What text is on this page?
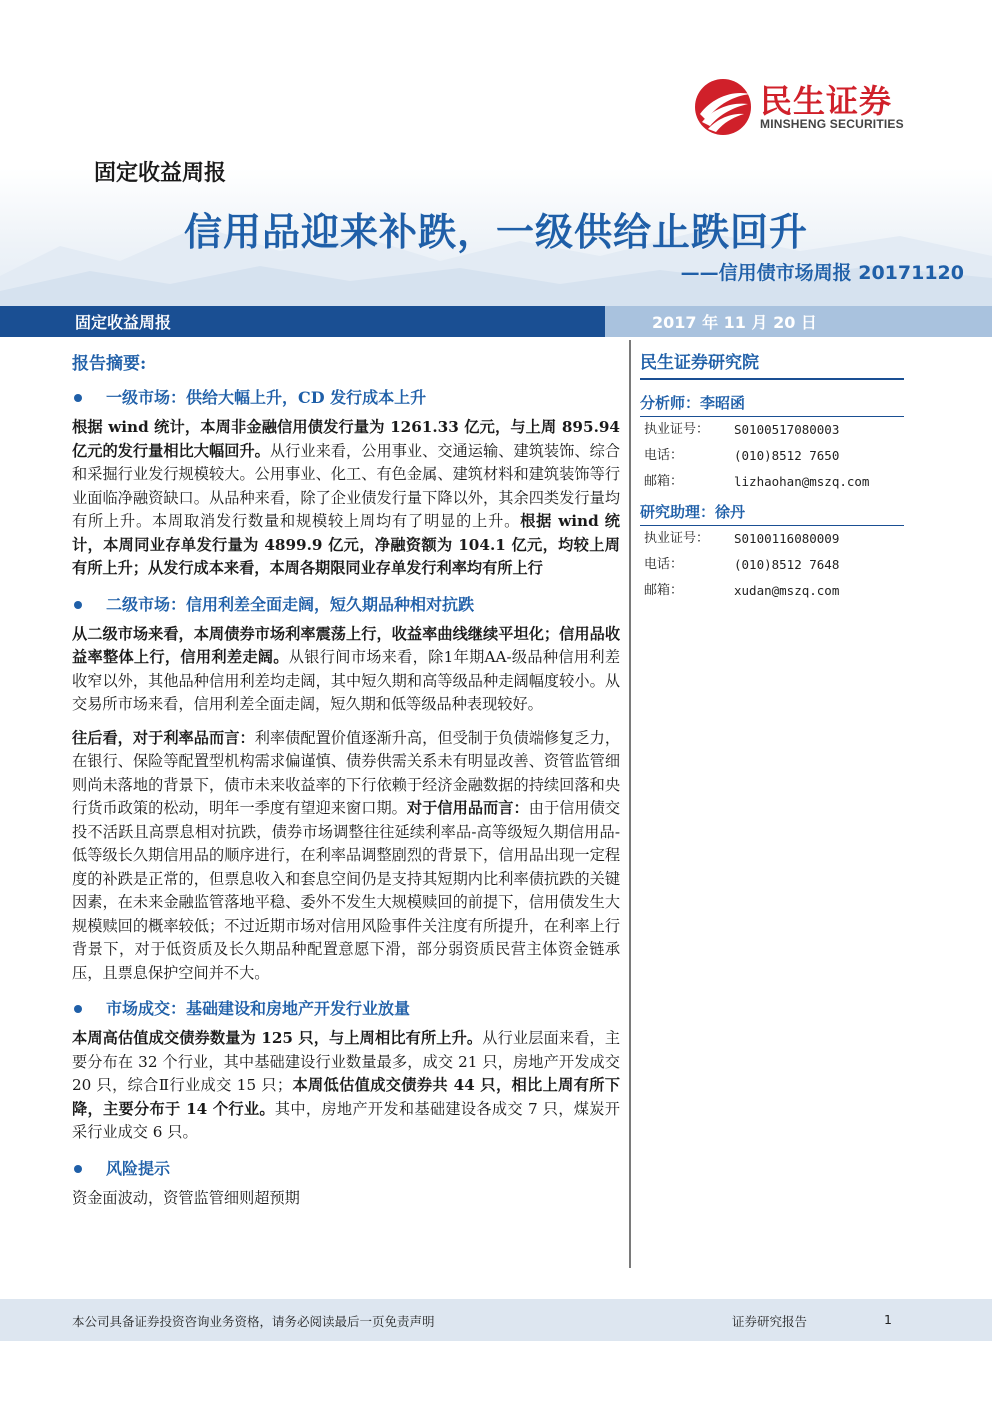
民生证券
MINSHENG SECURITIES
固定收益周报
信用品迎来补跌，一级供给止跌回升
——信用债市场周报 20171120
固定收益周报	2017 年 11 月 20 日
报告摘要:
一级市场：供给大幅上升，CD 发行成本上升
根据 wind 统计，本周非金融信用债发行量为 1261.33 亿元，与上周 895.94 亿元的发行量相比大幅回升。从行业来看，公用事业、交通运输、建筑装饰、综合和采掘行业发行规模较大。公用事业、化工、有色金属、建筑材料和建筑装饰等行业面临净融资缺口。从品种来看，除了企业债发行量下降以外，其余四类发行量均有所上升。本周取消发行数量和规模较上周均有了明显的上升。根据 wind 统计，本周同业存单发行量为 4899.9 亿元，净融资额为 104.1 亿元，均较上周有所上升；从发行成本来看，本周各期限同业存单发行利率均有所上行
二级市场：信用利差全面走阔，短久期品种相对抗跌
从二级市场来看，本周债券市场利率震荡上行，收益率曲线继续平坦化；信用品收益率整体上行，信用利差走阔。从银行间市场来看，除1年期AA-级品种信用利差收窄以外，其他品种信用利差均走阔，其中短久期和高等级品种走阔幅度较小。从交易所市场来看，信用利差全面走阔，短久期和低等级品种表现较好。
往后看，对于利率品而言：利率债配置价值逐渐升高，但受制于负债端修复乏力，在银行、保险等配置型机构需求偏谨慎、债券供需关系未有明显改善、资管监管细则尚未落地的背景下，债市未来收益率的下行依赖于经济金融数据的持续回落和央行货币政策的松动，明年一季度有望迎来窗口期。对于信用品而言：由于信用债交投不活跃且高票息相对抗跌，债券市场调整往往延续利率品-高等级短久期信用品-低等级长久期信用品的顺序进行，在利率品调整剧烈的背景下，信用品出现一定程度的补跌是正常的，但票息收入和套息空间仍是支持其短期内比利率债抗跌的关键因素，在未来金融监管落地平稳、委外不发生大规模赎回的前提下，信用债发生大规模赎回的概率较低；不过近期市场对信用风险事件关注度有所提升，在利率上行背景下，对于低资质及长久期品种配置意愿下滑，部分弱资质民营主体资金链承压，且票息保护空间并不大。
市场成交：基础建设和房地产开发行业放量
本周高估值成交债券数量为 125 只，与上周相比有所上升。从行业层面来看，主要分布在 32 个行业，其中基础建设行业数量最多，成交 21 只，房地产开发成交 20 只，综合Ⅱ行业成交 15 只；本周低估值成交债券共 44 只，相比上周有所下降，主要分布于 14 个行业。其中，房地产开发和基础建设各成交 7 只，煤炭开采行业成交 6 只。
风险提示
资金面波动，资管监管细则超预期
民生证券研究院
分析师：李昭函
执业证号： S0100517080003
电话：	(010)8512 7650
邮箱：	lizhaohan@mszq.com
研究助理：徐丹
执业证号： S0100116080009
电话：	(010)8512 7648
邮箱：	xudan@mszq.com
本公司具备证券投资咨询业务资格，请务必阅读最后一页免责声明	证券研究报告	1
